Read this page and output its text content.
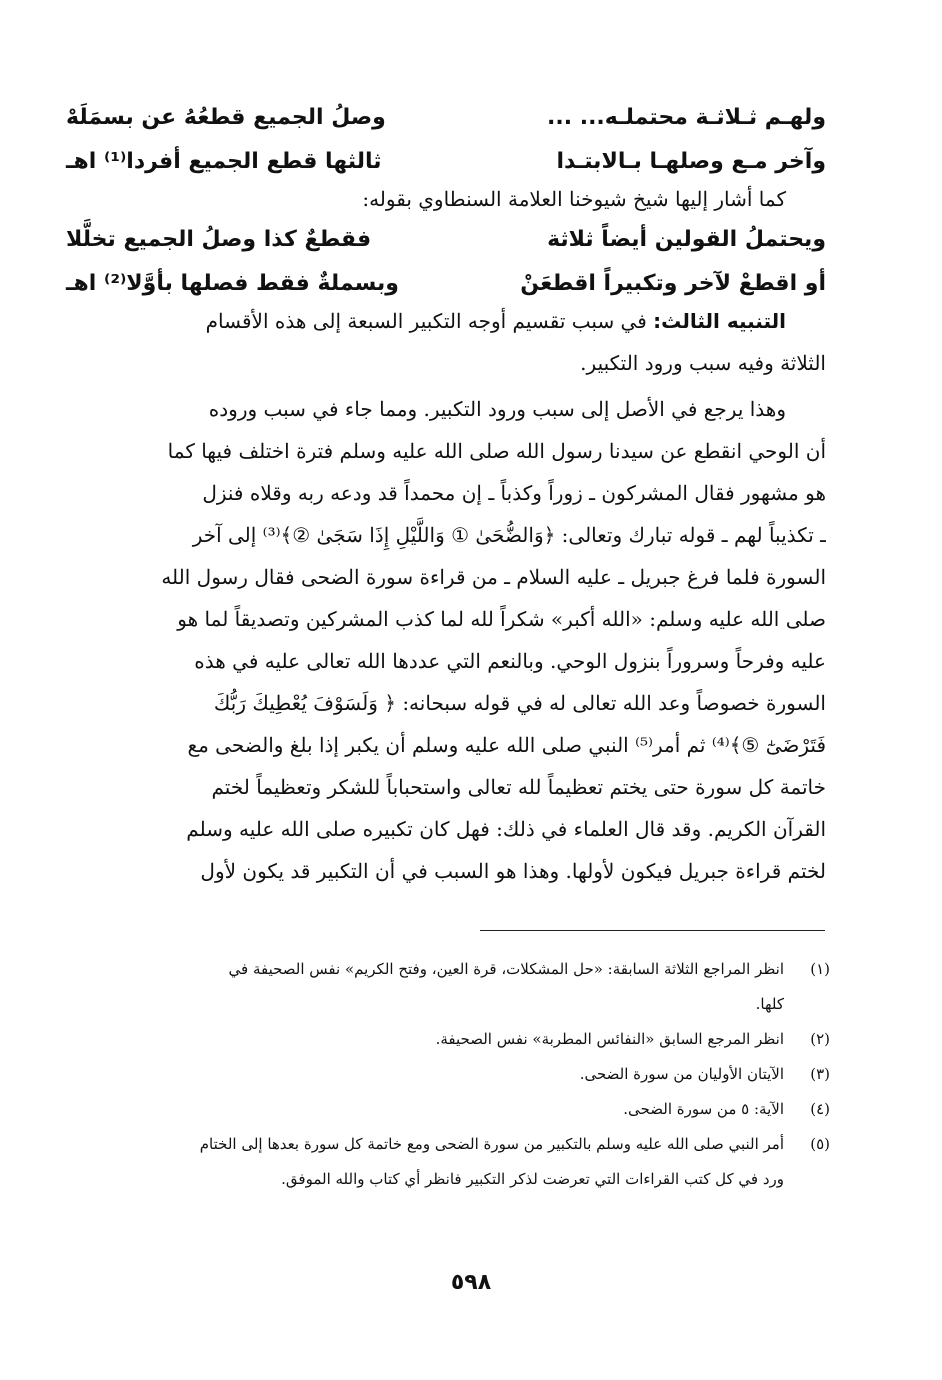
ولهـم ثـلاثـة محتملـه... ...
وصلُ الجميع قطعُهُ عن بسمَلَهْ
وآخر مـع وصلهـا بـالابتـدا
ثالثها قطع الجميع أفردا⁽¹⁾ اهـ
كما أشار إليها شيخ شيوخنا العلامة السنطاوي بقوله:
ويحتملُ القولين أيضاً ثلاثة
فقطعٌ كذا وصلُ الجميع تخلَّلا
أو اقطعْ لآخر وتكبيراً اقطعَنْ
وبسملةٌ فقط فصلها بأوَّلا⁽²⁾ اهـ
التنبيه الثالث: في سبب تقسيم أوجه التكبير السبعة إلى هذه الأقسام
الثلاثة وفيه سبب ورود التكبير.
وهذا يرجع في الأصل إلى سبب ورود التكبير. ومما جاء في سبب وروده
أن الوحي انقطع عن سيدنا رسول الله صلى الله عليه وسلم فترة اختلف فيها كما
هو مشهور فقال المشركون ـ زوراً وكذباً ـ إن محمداً قد ودعه ربه وقلاه فنزل
ـ تكذيباً لهم ـ قوله تبارك وتعالى: ﴿وَالضُّحَىٰ ① وَاللَّيْلِ إِذَا سَجَىٰ ②﴾⁽³⁾ إلى آخر
السورة فلما فرغ جبريل ـ عليه السلام ـ من قراءة سورة الضحى فقال رسول الله
صلى الله عليه وسلم: «الله أكبر» شكراً لله لما كذب المشركين وتصديقاً لما هو
عليه وفرحاً وسروراً بنزول الوحي. وبالنعم التي عددها الله تعالى عليه في هذه
السورة خصوصاً وعد الله تعالى له في قوله سبحانه: ﴿ وَلَسَوْفَ يُعْطِيكَ رَبُّكَ
فَتَرْضَىٰٓ ⑤﴾⁽⁴⁾ ثم أمر⁽⁵⁾ النبي صلى الله عليه وسلم أن يكبر إذا بلغ والضحى مع
خاتمة كل سورة حتى يختم تعظيماً لله تعالى واستحباباً للشكر وتعظيماً لختم
القرآن الكريم. وقد قال العلماء في ذلك: فهل كان تكبيره صلى الله عليه وسلم
لختم قراءة جبريل فيكون لأولها. وهذا هو السبب في أن التكبير قد يكون لأول
(١)
انظر المراجع الثلاثة السابقة: «حل المشكلات، قرة العين، وفتح الكريم» نفس الصحيفة في
كلها.
(٢)
انظر المرجع السابق «النفائس المطربة» نفس الصحيفة.
(٣)
الآيتان الأوليان من سورة الضحى.
(٤)
الآية: ٥ من سورة الضحى.
(٥)
أمر النبي صلى الله عليه وسلم بالتكبير من سورة الضحى ومع خاتمة كل سورة بعدها إلى الختام
ورد في كل كتب القراءات التي تعرضت لذكر التكبير فانظر أي كتاب والله الموفق.
٥٩٨
